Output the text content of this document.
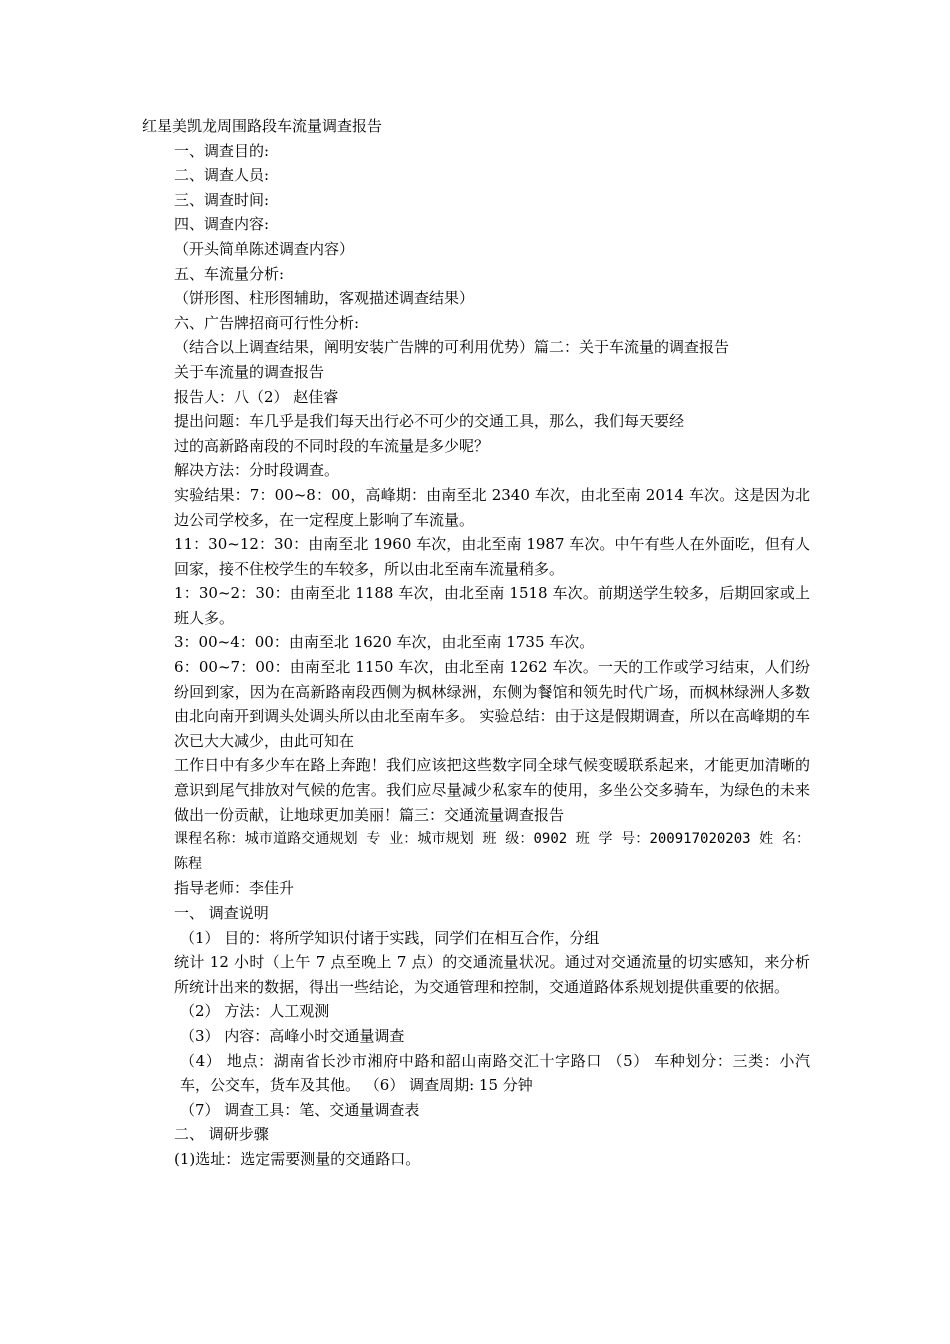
红星美凯龙周围路段车流量调查报告

一、调查目的:

二、调查人员:

三、调查时间:

四、调查内容:

（开头简单陈述调查内容）

五、车流量分析:

（饼形图、柱形图辅助，客观描述调查结果）

六、广告牌招商可行性分析:

（结合以上调查结果，阐明安装广告牌的可利用优势）篇二：关于车流量的调查报告

关于车流量的调查报告

报告人：八（2） 赵佳睿

提出问题：车几乎是我们每天出行必不可少的交通工具，那么，我们每天要经

过的高新路南段的不同时段的车流量是多少呢？

解决方法：分时段调查。

实验结果：7：00~8：00，高峰期：由南至北 2340 车次，由北至南 2014 车次。这是因为北边公司学校多，在一定程度上影响了车流量。

11：30~12：30：由南至北 1960 车次，由北至南 1987 车次。中午有些人在外面吃，但有人回家，接不住校学生的车较多，所以由北至南车流量稍多。

1：30~2：30：由南至北 1188 车次，由北至南 1518 车次。前期送学生较多，后期回家或上班人多。

3：00~4：00：由南至北 1620 车次，由北至南 1735 车次。

6：00~7：00：由南至北 1150 车次，由北至南 1262 车次。一天的工作或学习结束，人们纷纷回到家，因为在高新路南段西侧为枫林绿洲，东侧为餐馆和领先时代广场，而枫林绿洲人多数由北向南开到调头处调头所以由北至南车多。 实验总结：由于这是假期调查，所以在高峰期的车次已大大减少，由此可知在

工作日中有多少车在路上奔跑！我们应该把这些数字同全球气候变暖联系起来，才能更加清晰的意识到尾气排放对气候的危害。我们应尽量减少私家车的使用，多坐公交多骑车，为绿色的未来做出一份贡献，让地球更加美丽！篇三：交通流量调查报告

课程名称：城市道路交通规划 专 业：城市规划 班 级：0902 班 学 号：200917020203 姓 名：陈程

指导老师：李佳升

一、 调查说明

（1） 目的：将所学知识付诸于实践，同学们在相互合作，分组

统计 12 小时（上午 7 点至晚上 7 点）的交通流量状况。通过对交通流量的切实感知，来分析所统计出来的数据，得出一些结论，为交通管理和控制，交通道路体系规划提供重要的依据。

（2） 方法：人工观测

（3） 内容：高峰小时交通量调查

（4） 地点：湖南省长沙市湘府中路和韶山南路交汇十字路口 （5） 车种划分：三类：小汽车，公交车，货车及其他。 （6） 调查周期: 15 分钟

（7） 调查工具：笔、交通量调查表

二、 调研步骤

(1)选址：选定需要测量的交通路口。
